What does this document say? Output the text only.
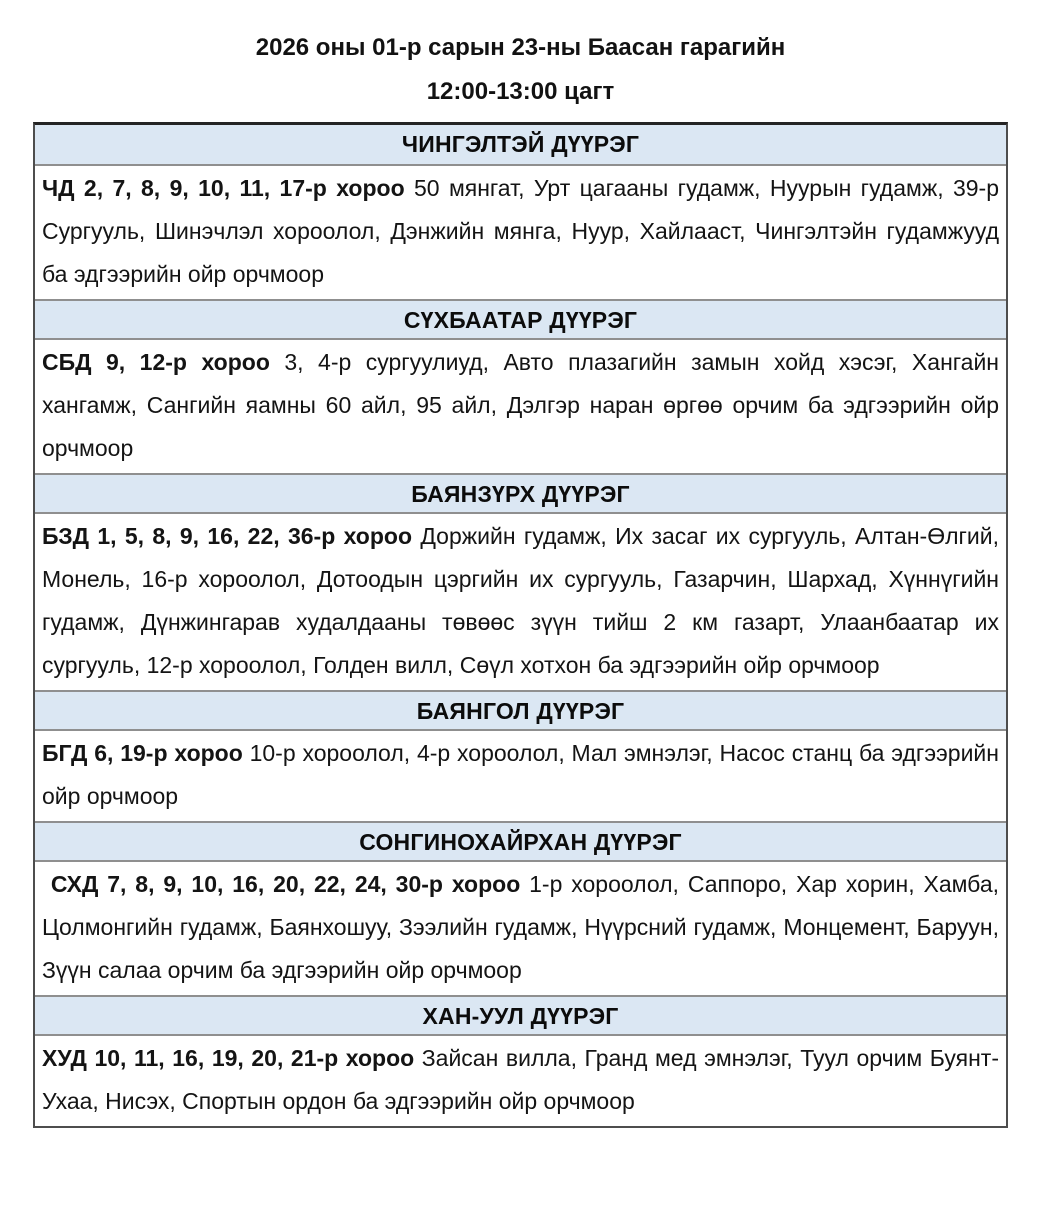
2026 оны 01-р сарын 23-ны Баасан гарагийн
12:00-13:00 цагт
ЧИНГЭЛТЭЙ ДҮҮРЭГ

ЧД 2, 7, 8, 9, 10, 11, 17-р хороо 50 мянгат, Урт цагааны гудамж, Нуурын гудамж, 39-р Сургууль, Шинэчлэл хороолол, Дэнжийн мянга, Нуур, Хайлааст, Чингэлтэйн гудамжууд ба эдгээрийн ойр орчмоор

СҮХБААТАР ДҮҮРЭГ

СБД 9, 12-р хороо 3, 4-р сургуулиуд, Авто плазагийн замын хойд хэсэг, Хангайн хангамж, Сангийн яамны 60 айл, 95 айл, Дэлгэр наран өргөө орчим ба эдгээрийн ойр орчмоор

БАЯНЗҮРХ ДҮҮРЭГ

БЗД 1, 5, 8, 9, 16, 22, 36-р хороо Доржийн гудамж, Их засаг их сургууль, Алтан-Өлгий, Монель, 16-р хороолол, Дотоодын цэргийн их сургууль, Газарчин, Шархад, Хүннүгийн гудамж, Дүнжингарав худалдааны төвөөс зүүн тийш 2 км газарт, Улаанбаатар их сургууль, 12-р хороолол, Голден вилл, Сөүл хотхон ба эдгээрийн ойр орчмоор

БАЯНГОЛ ДҮҮРЭГ

БГД 6, 19-р хороо 10-р хороолол, 4-р хороолол, Мал эмнэлэг, Насос станц ба эдгээрийн ойр орчмоор

СОНГИНОХАЙРХАН ДҮҮРЭГ

СХД 7, 8, 9, 10, 16, 20, 22, 24, 30-р хороо 1-р хороолол, Саппоро, Хар хорин, Хамба, Цолмонгийн гудамж, Баянхошуу, Зээлийн гудамж, Нүүрсний гудамж, Монцемент, Баруун, Зүүн салаа орчим ба эдгээрийн ойр орчмоор

ХАН-УУЛ ДҮҮРЭГ

ХУД 10, 11, 16, 19, 20, 21-р хороо Зайсан вилла, Гранд мед эмнэлэг, Туул орчим Буянт-Ухаа, Нисэх, Спортын ордон ба эдгээрийн ойр орчмоор
